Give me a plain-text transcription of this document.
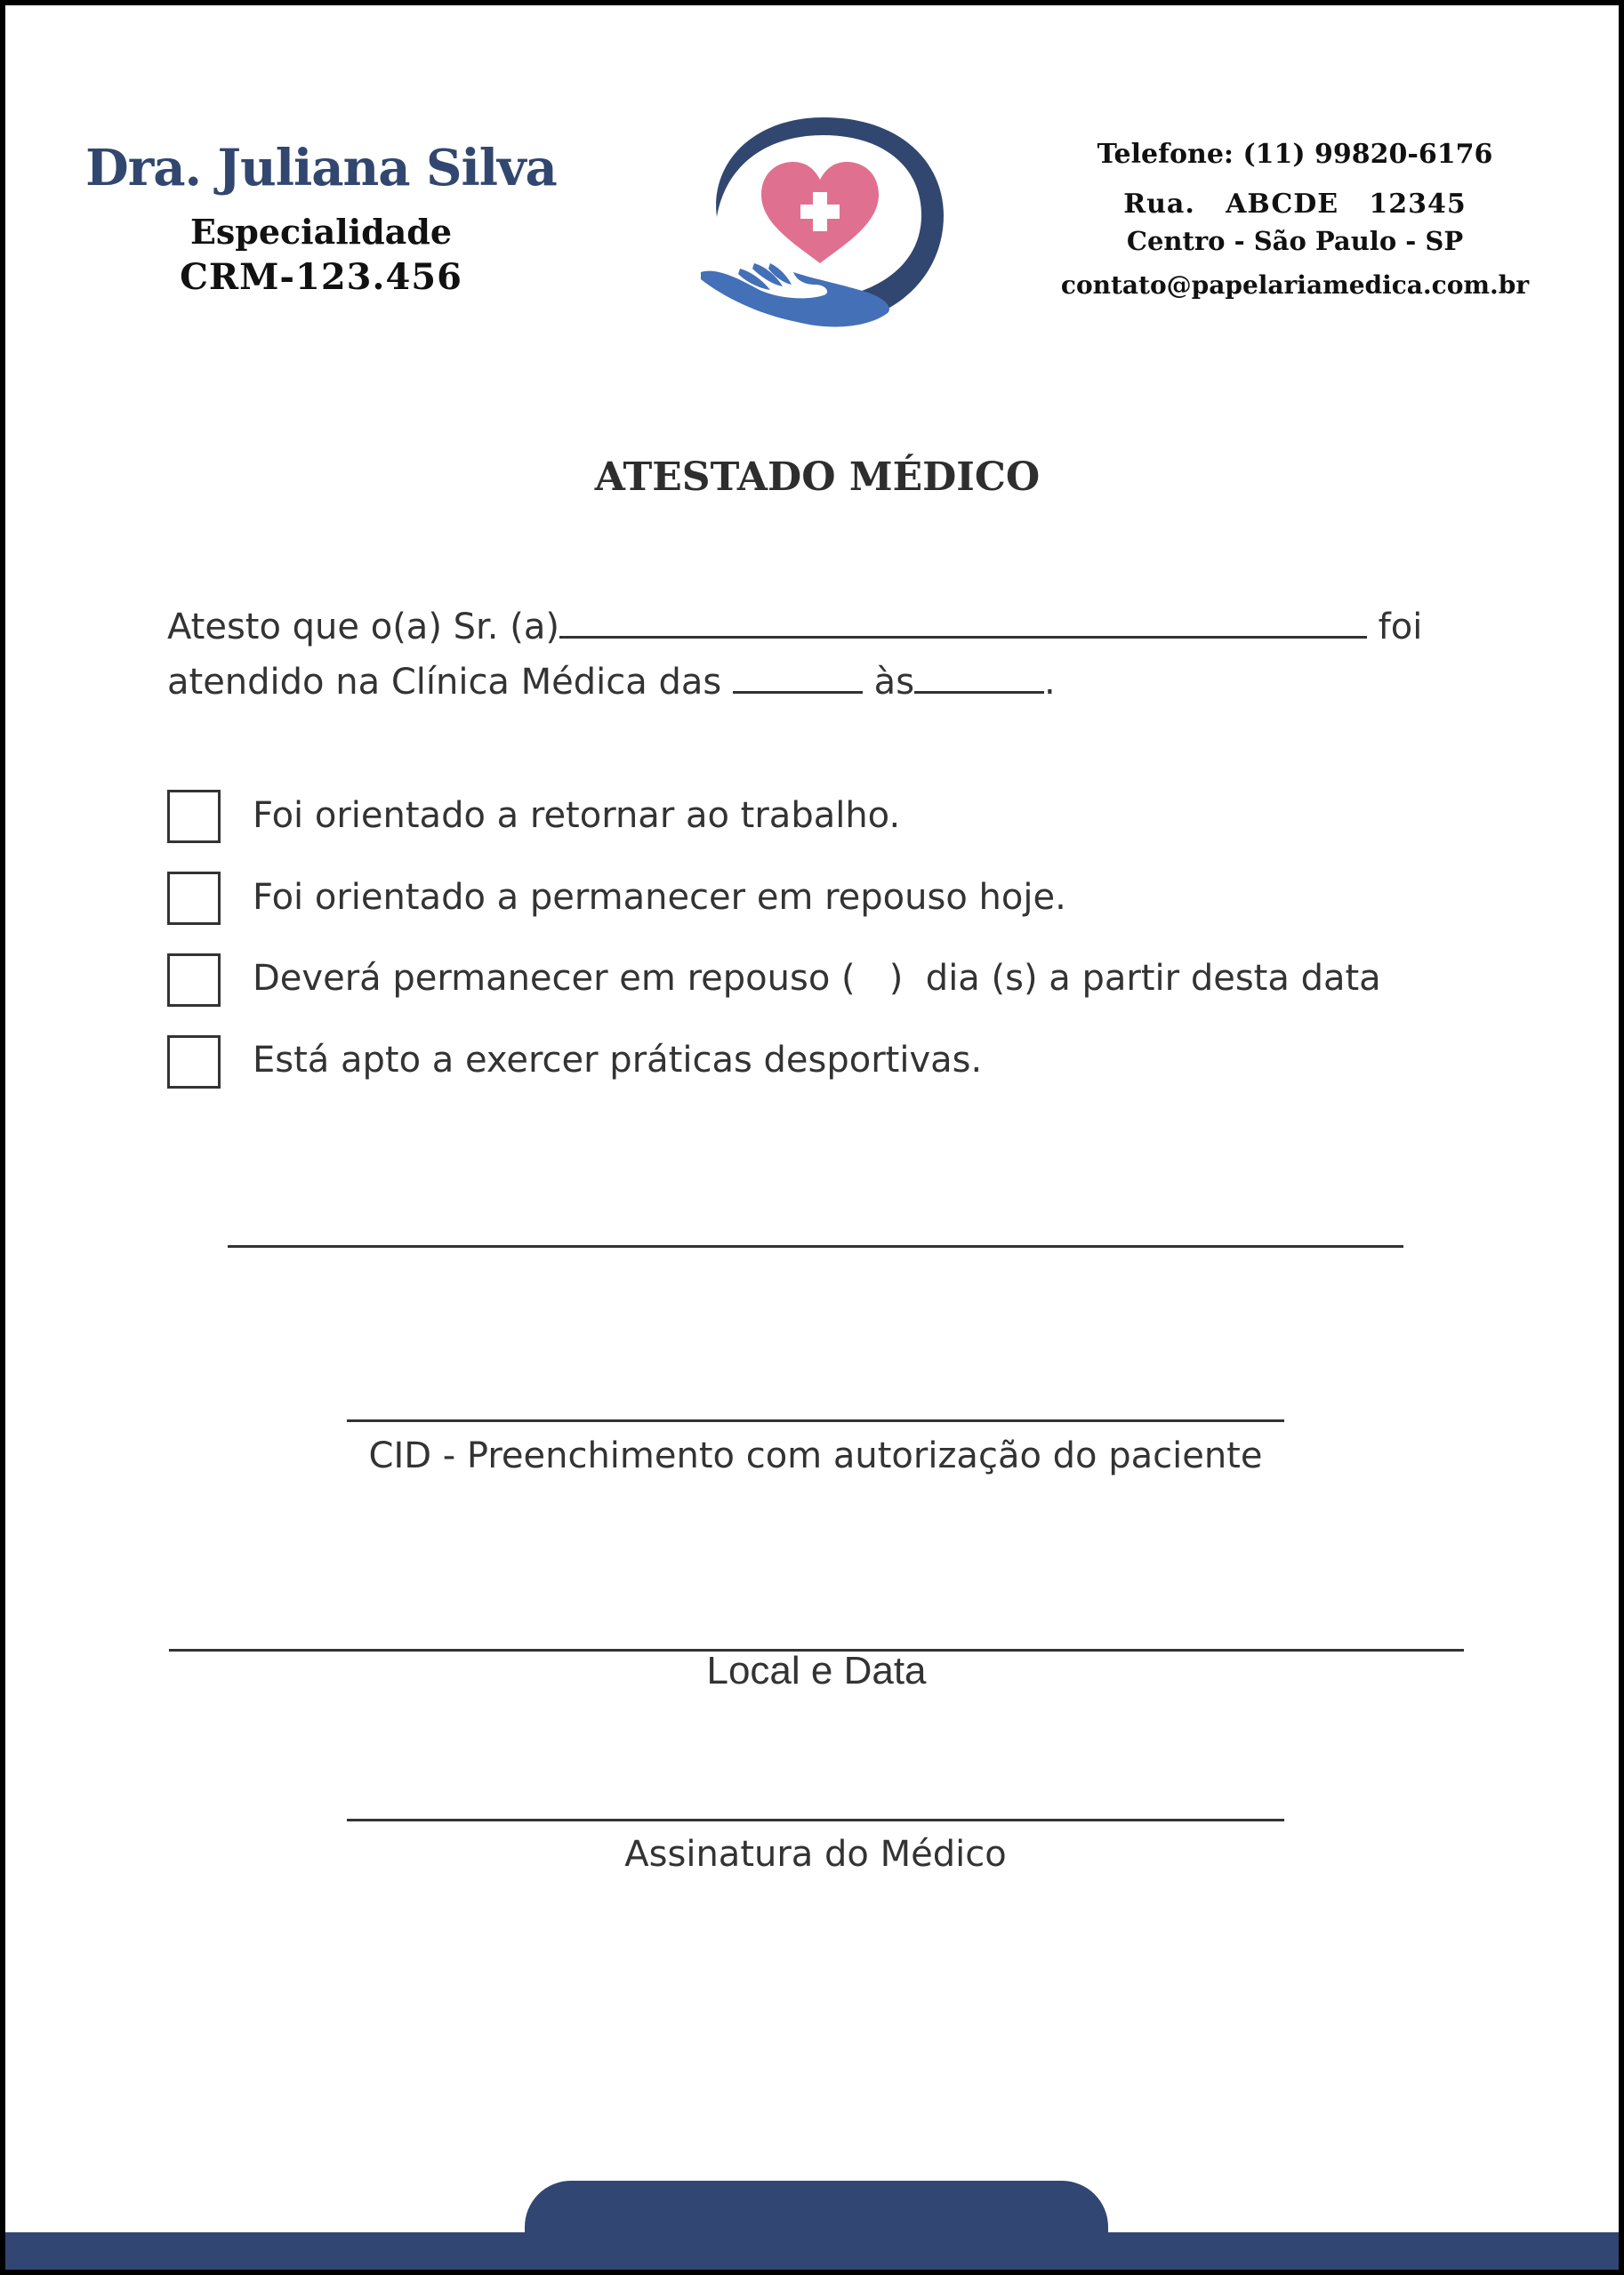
Dra. Juliana Silva
Especialidade
CRM-123.456
Telefone: (11) 99820-6176
Rua.   ABCDE   12345
Centro - São Paulo - SP
contato@papelariamedica.com.br
ATESTADO MÉDICO
Atesto que o(a) Sr. (a)	foi
atendido na Clínica Médica das	às	.
Foi orientado a retornar ao trabalho.
Foi orientado a permanecer em repouso hoje.
Deverá permanecer em repouso (   )  dia (s) a partir desta data
Está apto a exercer práticas desportivas.
CID - Preenchimento com autorização do paciente
Local e Data
Assinatura do Médico
